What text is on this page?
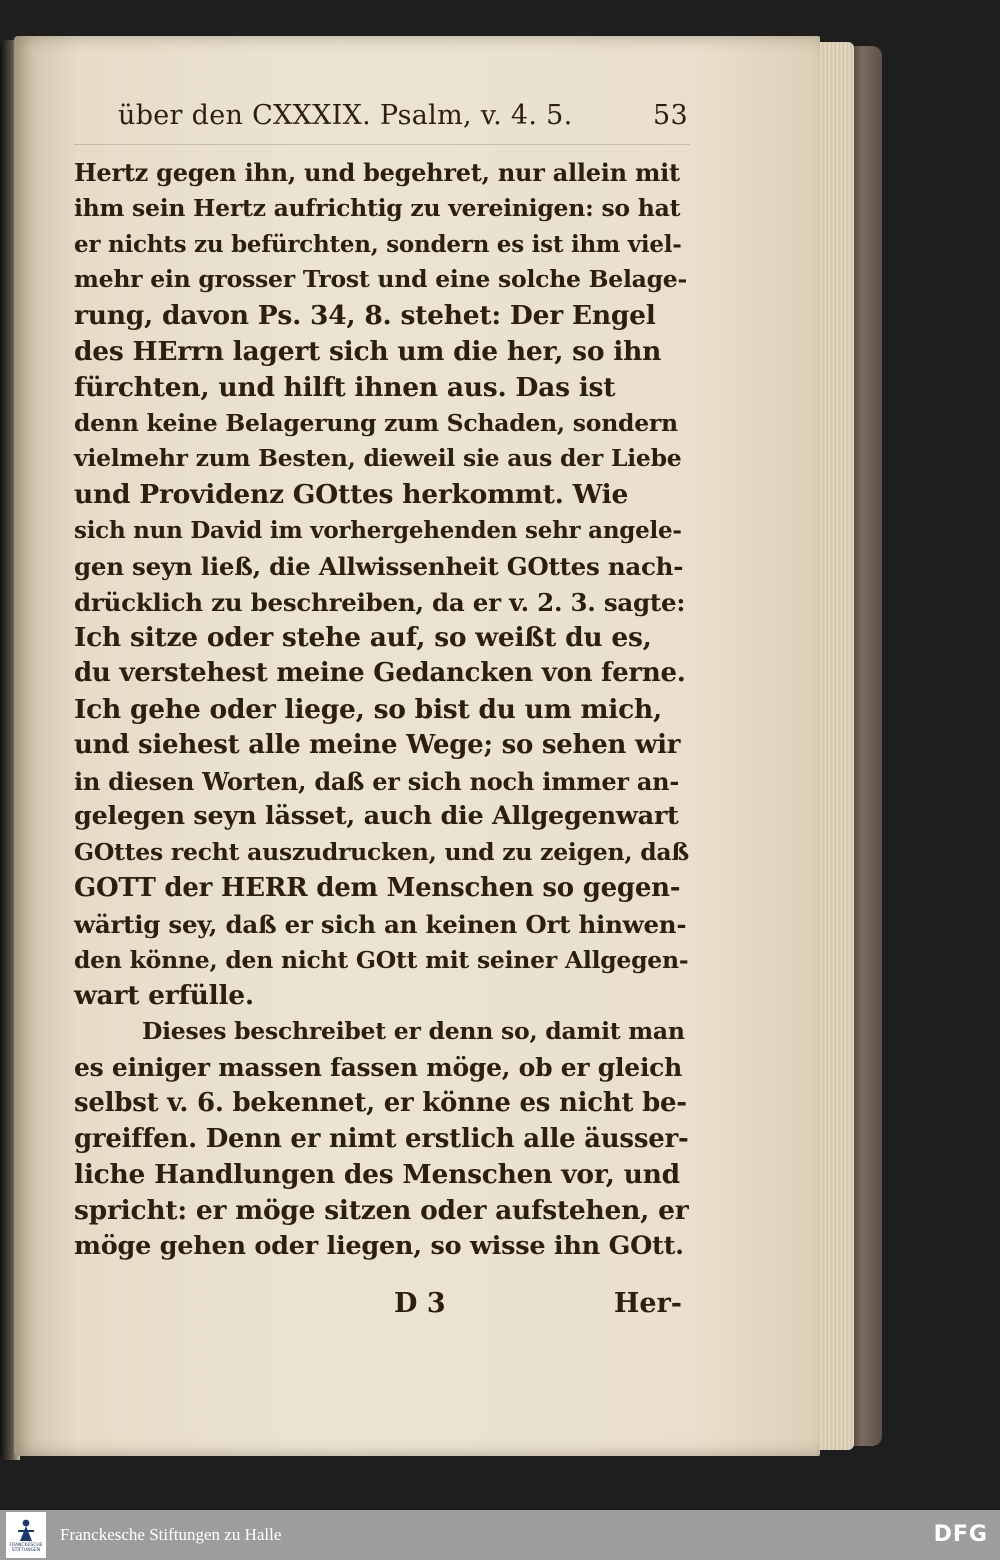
über den CXXXIX. Psalm, v. 4. 5.	53
Hertz gegen ihn, und begehret, nur allein mit
ihm sein Hertz aufrichtig zu vereinigen: so hat
er nichts zu befürchten, sondern es ist ihm viel-
mehr ein grosser Trost und eine solche Belage-
rung, davon Ps. 34, 8. stehet: Der Engel
des HErrn lagert sich um die her, so ihn
fürchten, und hilft ihnen aus. Das ist
denn keine Belagerung zum Schaden, sondern
vielmehr zum Besten, dieweil sie aus der Liebe
und Providenz GOttes herkommt. Wie
sich nun David im vorhergehenden sehr angele-
gen seyn ließ, die Allwissenheit GOttes nach-
drücklich zu beschreiben, da er v. 2. 3. sagte:
Ich sitze oder stehe auf, so weißt du es,
du verstehest meine Gedancken von ferne.
Ich gehe oder liege, so bist du um mich,
und siehest alle meine Wege; so sehen wir
in diesen Worten, daß er sich noch immer an-
gelegen seyn lässet, auch die Allgegenwart
GOttes recht auszudrucken, und zu zeigen, daß
GOTT der HERR dem Menschen so gegen-
wärtig sey, daß er sich an keinen Ort hinwen-
den könne, den nicht GOtt mit seiner Allgegen-
wart erfülle.
Dieses beschreibet er denn so, damit man
es einiger massen fassen möge, ob er gleich
selbst v. 6. bekennet, er könne es nicht be-
greiffen. Denn er nimt erstlich alle äusser-
liche Handlungen des Menschen vor, und
spricht: er möge sitzen oder aufstehen, er
möge gehen oder liegen, so wisse ihn GOtt.
D 3	Her-
FRANCKESCHE STIFTUNGEN
Franckesche Stiftungen zu Halle	DFG
